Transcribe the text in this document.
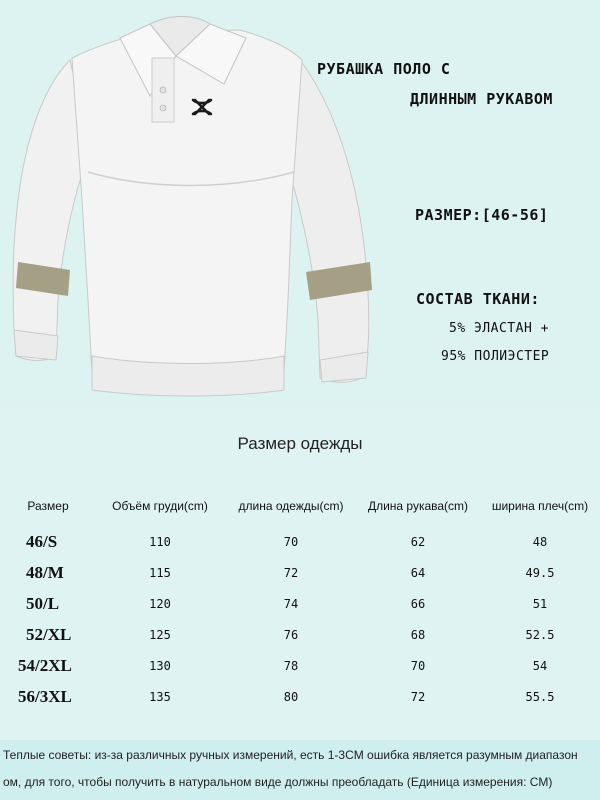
РУБАШКА ПОЛО С
ДЛИННЫМ РУКАВОМ
РАЗМЕР:[46-56]
СОСТАВ ТКАНИ:
5% ЭЛАСТАН +
95% ПОЛИЭСТЕР
Размер одежды
Размер	Объём груди(cm)	длина одежды(cm)	Длина рукава(cm)	ширина плеч(cm)
46/S	110	70	62	48
48/M	115	72	64	49.5
50/L	120	74	66	51
52/XL	125	76	68	52.5
54/2XL	130	78	70	54
56/3XL	135	80	72	55.5
Теплые советы: из-за различных ручных измерений, есть 1-3CM ошибка является разумным диапазон
ом, для того, чтобы получить в натуральном виде должны преобладать (Единица измерения: CM)
